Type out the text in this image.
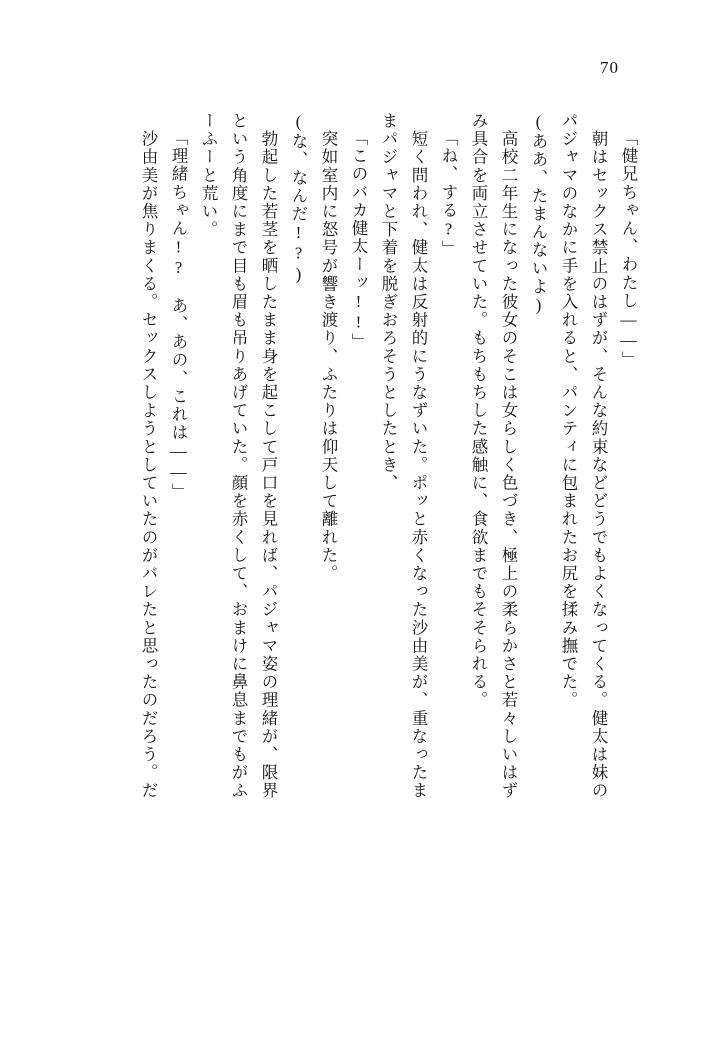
70
「健兄ちゃん、わたし――」
　朝はセックス禁止のはずが、そんな約束などどうでもよくなってくる。健太は妹の
パジャマのなかに手を入れると、パンティに包まれたお尻を揉み撫でた。
(ああ、たまんないよ)
　高校二年生になった彼女のそこは女らしく色づき、極上の柔らかさと若々しいはず
み具合を両立させていた。もちもちした感触に、食欲までもそそられる。
「ね、する?」
　短く問われ、健太は反射的にうなずいた。ポッと赤くなった沙由美が、重なったま
まパジャマと下着を脱ぎおろそうとしたとき、
「このバカ健太ーッ!!」
　突如室内に怒号が響き渡り、ふたりは仰天して離れた。
(な、なんだ!?)
　勃起した若茎を晒したまま身を起こして戸口を見れば、パジャマ姿の理緒が、限界
という角度にまで目も眉も吊りあげていた。顔を赤くして、おまけに鼻息までもがふ
ーふーと荒い。
「理緒ちゃん!?　あ、あの、これは――」
　沙由美が焦りまくる。セックスしようとしていたのがバレたと思ったのだろう。だ
